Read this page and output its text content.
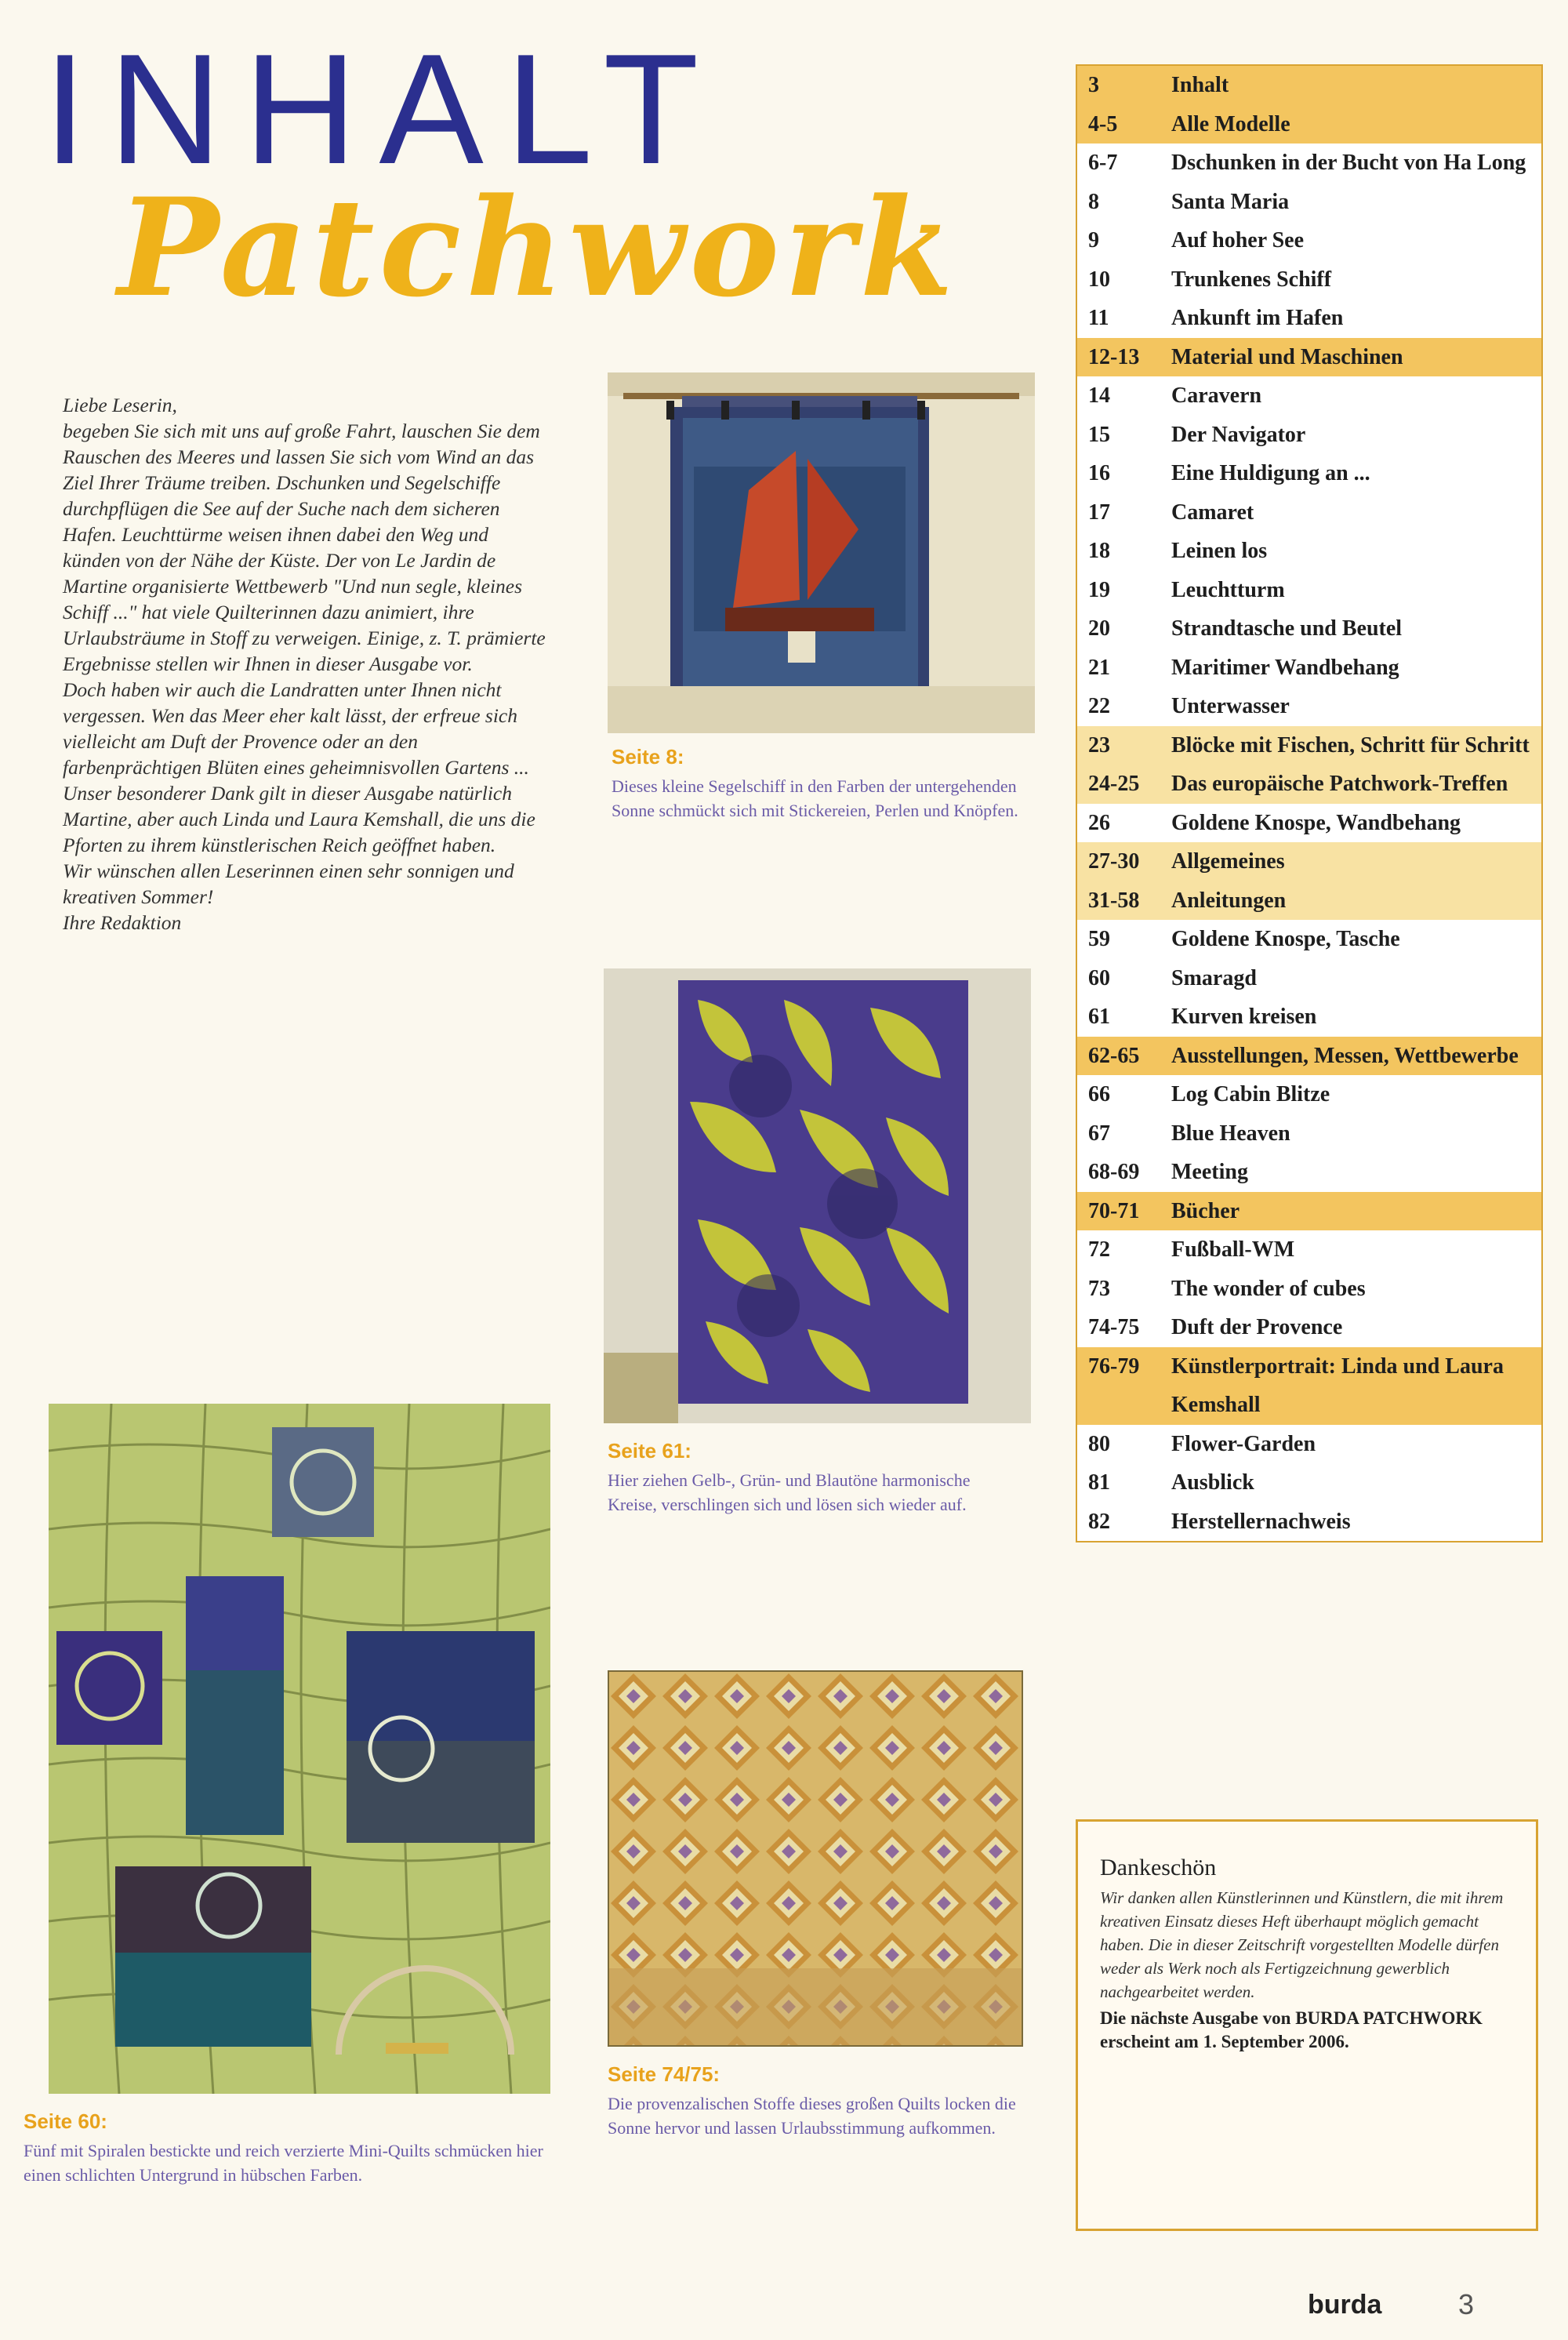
INHALT
Patchwork

Liebe Leserin,

begeben Sie sich mit uns auf große Fahrt, lauschen Sie dem Rauschen des Meeres und lassen Sie sich vom Wind an das Ziel Ihrer Träume treiben. Dschunken und Segelschiffe durchpflügen die See auf der Suche nach dem sicheren Hafen. Leuchttürme weisen ihnen dabei den Weg und künden von der Nähe der Küste. Der von Le Jardin de Martine organisierte Wettbewerb "Und nun segle, kleines Schiff ..." hat viele Quilterinnen dazu animiert, ihre Urlaubsträume in Stoff zu verweigen. Einige, z. T. prämierte Ergebnisse stellen wir Ihnen in dieser Ausgabe vor.

Doch haben wir auch die Landratten unter Ihnen nicht vergessen. Wen das Meer eher kalt lässt, der erfreue sich vielleicht am Duft der Provence oder an den farbenprächtigen Blüten eines geheimnisvollen Gartens ... Unser besonderer Dank gilt in dieser Ausgabe natürlich Martine, aber auch Linda und Laura Kemshall, die uns die Pforten zu ihrem künstlerischen Reich geöffnet haben.

Wir wünschen allen Leserinnen einen sehr sonnigen und kreativen Sommer!

Ihre Redaktion

Seite 8:

Dieses kleine Segelschiff in den Farben der untergehenden Sonne schmückt sich mit Stickereien, Perlen und Knöpfen.

Seite 61:

Hier ziehen Gelb-, Grün- und Blautöne harmonische Kreise, verschlingen sich und lösen sich wieder auf.

Seite 60:

Fünf mit Spiralen bestickte und reich verzierte Mini-Quilts schmücken hier einen schlichten Untergrund in hübschen Farben.

Seite 74/75:

Die provenzalischen Stoffe dieses großen Quilts locken die Sonne hervor und lassen Urlaubsstimmung aufkommen.

3	Inhalt
4-5	Alle Modelle
6-7	Dschunken in der Bucht von Ha Long
8	Santa Maria
9	Auf hoher See
10	Trunkenes Schiff
11	Ankunft im Hafen
12-13	Material und Maschinen
14	Caravern
15	Der Navigator
16	Eine Huldigung an ...
17	Camaret
18	Leinen los
19	Leuchtturm
20	Strandtasche und Beutel
21	Maritimer Wandbehang
22	Unterwasser
23	Blöcke mit Fischen, Schritt für Schritt
24-25	Das europäische Patchwork-Treffen
26	Goldene Knospe, Wandbehang
27-30	Allgemeines
31-58	Anleitungen
59	Goldene Knospe, Tasche
60	Smaragd
61	Kurven kreisen
62-65	Ausstellungen, Messen, Wettbewerbe
66	Log Cabin Blitze
67	Blue Heaven
68-69	Meeting
70-71	Bücher
72	Fußball-WM
73	The wonder of cubes
74-75	Duft der Provence
76-79	Künstlerportrait: Linda und Laura Kemshall
80	Flower-Garden
81	Ausblick
82	Herstellernachweis

Dankeschön

Wir danken allen Künstlerinnen und Künstlern, die mit ihrem kreativen Einsatz dieses Heft überhaupt möglich gemacht haben. Die in dieser Zeitschrift vorgestellten Modelle dürfen weder als Werk noch als Fertigzeichnung gewerblich nachgearbeitet werden.

Die nächste Ausgabe von BURDA PATCHWORK erscheint am 1. September 2006.

burda	3
